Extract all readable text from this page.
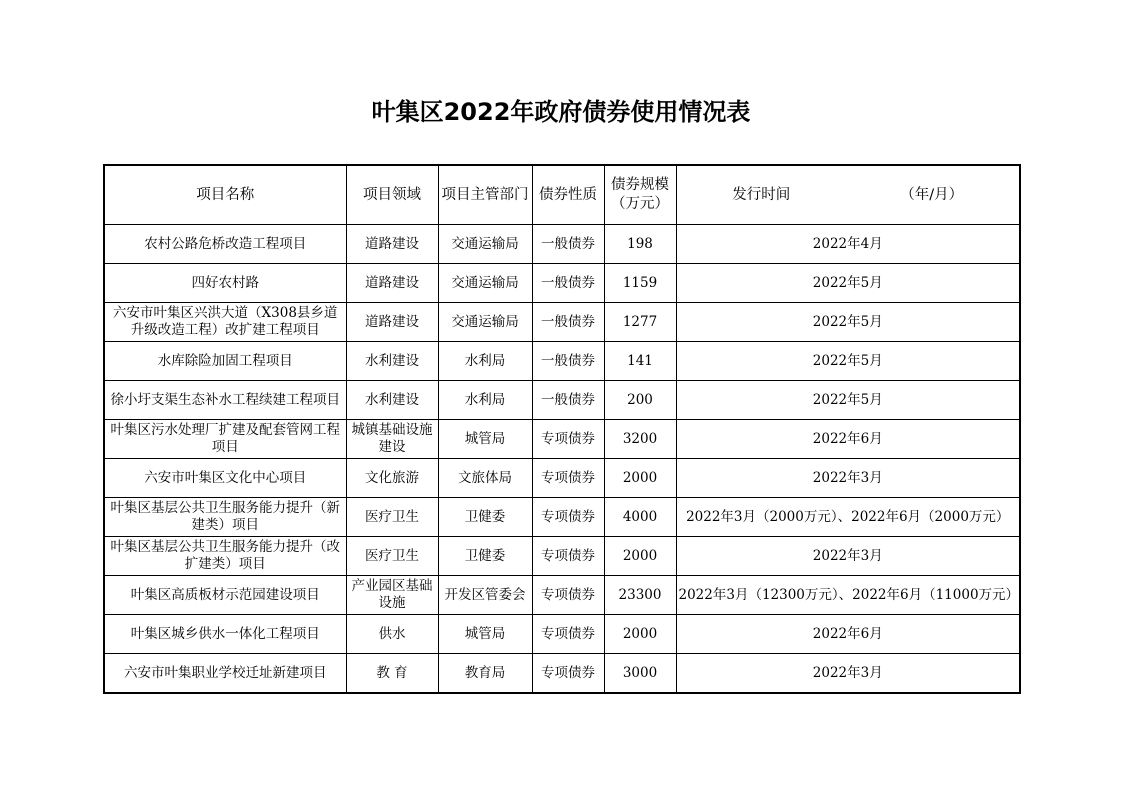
叶集区2022年政府债券使用情况表
项目名称	项目领域	项目主管部门	债券性质	债券规模（万元）	发行时间 （年/月）
农村公路危桥改造工程项目	道路建设	交通运输局	一般债券	198	2022年4月
四好农村路	道路建设	交通运输局	一般债券	1159	2022年5月
六安市叶集区兴洪大道（X308县乡道升级改造工程）改扩建工程项目	道路建设	交通运输局	一般债券	1277	2022年5月
水库除险加固工程项目	水利建设	水利局	一般债券	141	2022年5月
徐小圩支渠生态补水工程续建工程项目	水利建设	水利局	一般债券	200	2022年5月
叶集区污水处理厂扩建及配套管网工程项目	城镇基础设施建设	城管局	专项债券	3200	2022年6月
六安市叶集区文化中心项目	文化旅游	文旅体局	专项债券	2000	2022年3月
叶集区基层公共卫生服务能力提升（新建类）项目	医疗卫生	卫健委	专项债券	4000	2022年3月（2000万元）、2022年6月（2000万元）
叶集区基层公共卫生服务能力提升（改扩建类）项目	医疗卫生	卫健委	专项债券	2000	2022年3月
叶集区高质板材示范园建设项目	产业园区基础设施	开发区管委会	专项债券	23300	2022年3月（12300万元）、2022年6月（11000万元）
叶集区城乡供水一体化工程项目	供水	城管局	专项债券	2000	2022年6月
六安市叶集职业学校迁址新建项目	教 育	教育局	专项债券	3000	2022年3月
